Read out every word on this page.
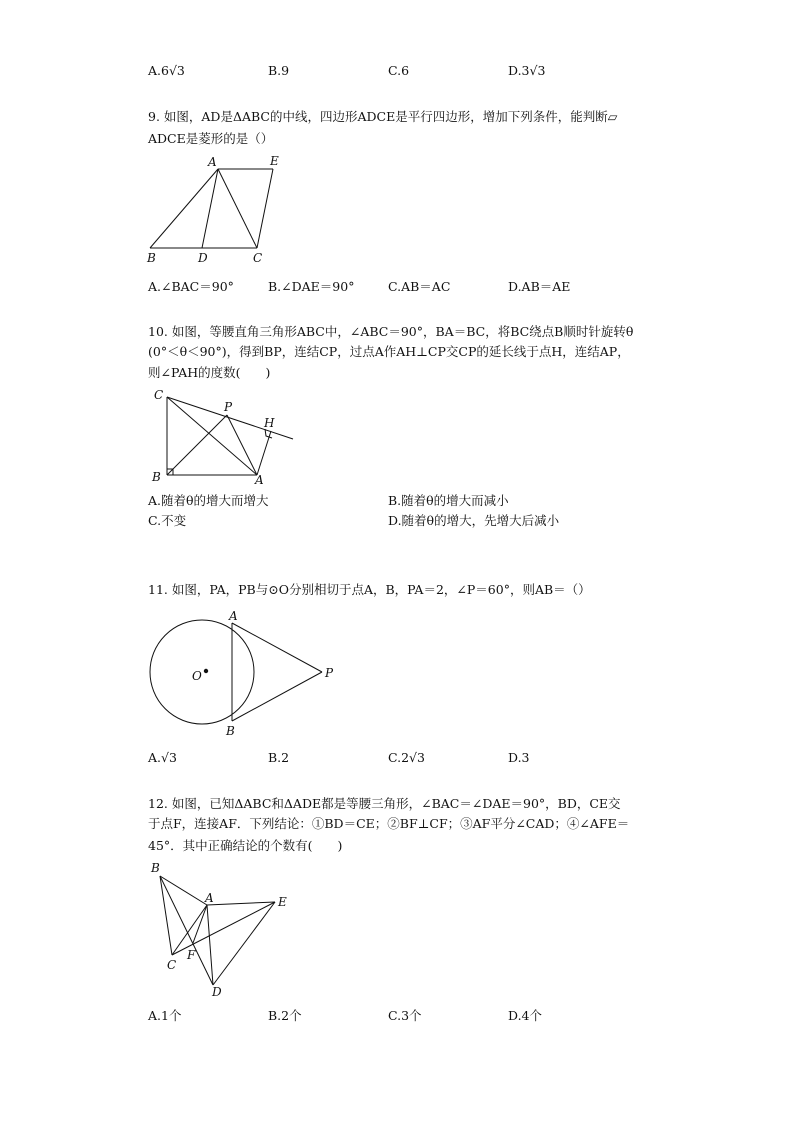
A.6√3	B.9	C.6	D.3√3
9. 如图，AD是ΔABC的中线，四边形ADCE是平行四边形，增加下列条件，能判断▱
ADCE是菱形的是（）
A	E
B	D	C
A.∠BAC＝90°	B.∠DAE＝90°	C.AB＝AC	D.AB＝AE
10. 如图，等腰直角三角形ABC中，∠ABC＝90°，BA＝BC，将BC绕点B顺时针旋转θ
(0°＜θ＜90°)，得到BP，连结CP，过点A作AH⊥CP交CP的延长线于点H，连结AP，
则∠PAH的度数(　　)
C
P
H
B	A
A.随着θ的增大而增大	B.随着θ的增大而减小
C.不变	D.随着θ的增大，先增大后减小
11. 如图，PA，PB与⊙O分别相切于点A，B，PA＝2，∠P＝60°，则AB＝（）
A
O	P
B
A.√3	B.2	C.2√3	D.3
12. 如图，已知ΔABC和ΔADE都是等腰三角形，∠BAC＝∠DAE＝90°，BD，CE交
于点F，连接AF．下列结论：①BD＝CE；②BF⊥CF；③AF平分∠CAD；④∠AFE＝
45°．其中正确结论的个数有(　　)
B
A	E
F
C
D
A.1个	B.2个	C.3个	D.4个
